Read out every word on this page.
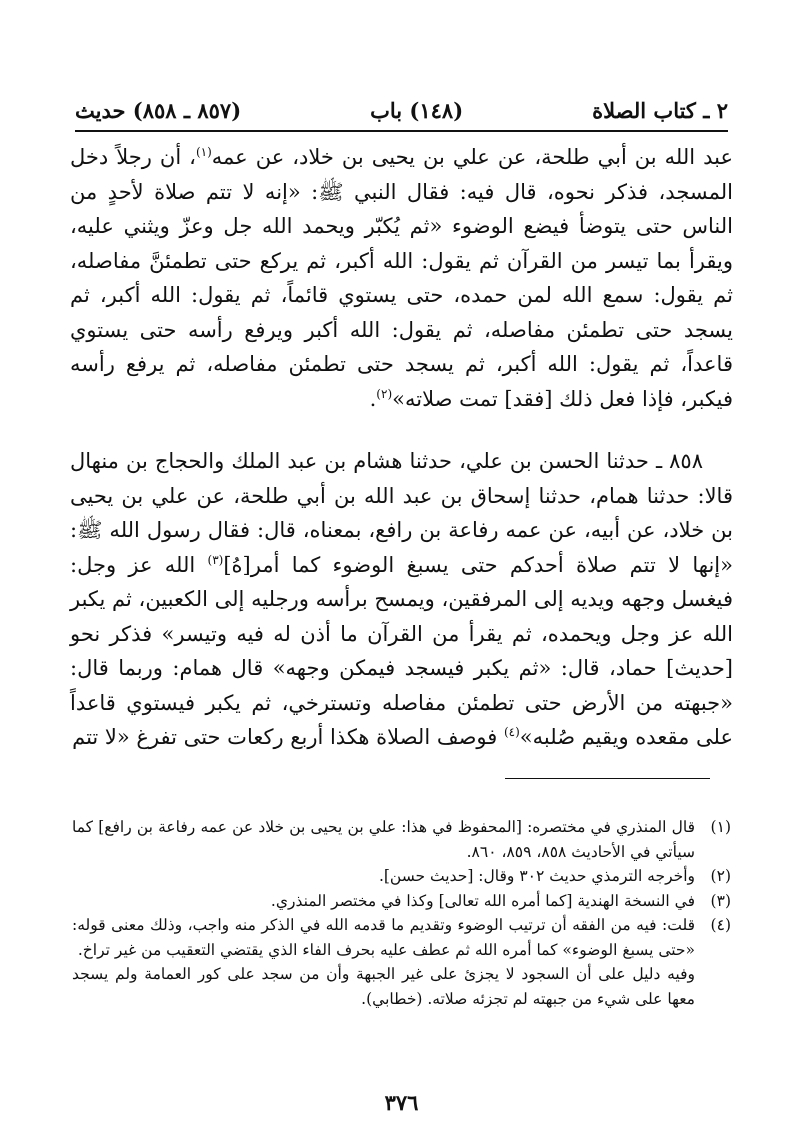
(٨٥٧ ـ ٨٥٨) حديث	(١٤٨) باب	٢ ـ كتاب الصلاة

عبد الله بن أبي طلحة، عن علي بن يحيى بن خلاد، عن عمه$^{(١)}$، أن رجلاً دخل المسجد، فذكر نحوه، قال فيه: فقال النبي ﷺ: «إنه لا تتم صلاة لأحدٍ من الناس حتى يتوضأ فيضع الوضوء «ثم يُكبّر ويحمد الله جل وعزّ ويثني عليه، ويقرأ بما تيسر من القرآن ثم يقول: الله أكبر، ثم يركع حتى تطمئنَّ مفاصله، ثم يقول: سمع الله لمن حمده، حتى يستوي قائماً، ثم يقول: الله أكبر، ثم يسجد حتى تطمئن مفاصله، ثم يقول: الله أكبر ويرفع رأسه حتى يستوي قاعداً، ثم يقول: الله أكبر، ثم يسجد حتى تطمئن مفاصله، ثم يرفع رأسه فيكبر، فإذا فعل ذلك [فقد] تمت صلاته»$^{(٢)}$.

٨٥٨ ـ حدثنا الحسن بن علي، حدثنا هشام بن عبد الملك والحجاج بن منهال قالا: حدثنا همام، حدثنا إسحاق بن عبد الله بن أبي طلحة، عن علي بن يحيى بن خلاد، عن أبيه، عن عمه رفاعة بن رافع، بمعناه، قال: فقال رسول الله ﷺ: «إنها لا تتم صلاة أحدكم حتى يسبغ الوضوء كما أمر[هُ]$^{(٣)}$ الله عز وجل: فيغسل وجهه ويديه إلى المرفقين، ويمسح برأسه ورجليه إلى الكعبين، ثم يكبر الله عز وجل ويحمده، ثم يقرأ من القرآن ما أذن له فيه وتيسر» فذكر نحو [حديث] حماد، قال: «ثم يكبر فيسجد فيمكن وجهه» قال همام: وربما قال: «جبهته من الأرض حتى تطمئن مفاصله وتسترخي، ثم يكبر فيستوي قاعداً على مقعده ويقيم صُلبه»$^{(٤)}$ فوصف الصلاة هكذا أربع ركعات حتى تفرغ «لا تتم

(١)
قال المنذري في مختصره: [المحفوظ في هذا: علي بن يحيى بن خلاد عن عمه رفاعة بن رافع] كما سيأتي في الأحاديث ٨٥٨، ٨٥٩، ٨٦٠.
(٢)
وأخرجه الترمذي حديث ٣٠٢ وقال: [حديث حسن].
(٣)
في النسخة الهندية [كما أمره الله تعالى] وكذا في مختصر المنذري.
(٤)
قلت: فيه من الفقه أن ترتيب الوضوء وتقديم ما قدمه الله في الذكر منه واجب، وذلك معنى قوله: «حتى يسبغ الوضوء» كما أمره الله ثم عطف عليه بحرف الفاء الذي يقتضي التعقيب من غير تراخ.
وفيه دليل على أن السجود لا يجزئ على غير الجبهة وأن من سجد على كور العمامة ولم يسجد معها على شيء من جبهته لم تجزئه صلاته. (خطابي).
٣٧٦
